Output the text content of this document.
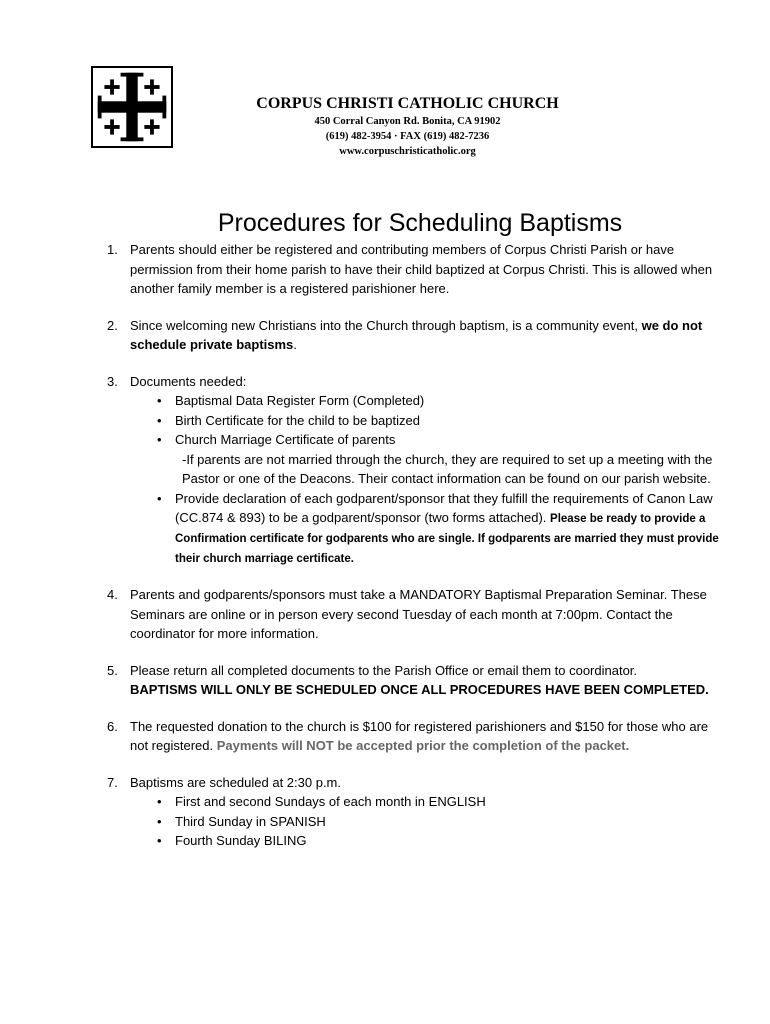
CORPUS CHRISTI CATHOLIC CHURCH
450 Corral Canyon Rd. Bonita, CA 91902
(619) 482-3954 · FAX (619) 482-7236
www.corpuschristicatholic.org
Procedures for Scheduling Baptisms
1. Parents should either be registered and contributing members of Corpus Christi Parish or have permission from their home parish to have their child baptized at Corpus Christi. This is allowed when another family member is a registered parishioner here.
2. Since welcoming new Christians into the Church through baptism, is a community event, we do not schedule private baptisms.
3. Documents needed:
• Baptismal Data Register Form (Completed)
• Birth Certificate for the child to be baptized
• Church Marriage Certificate of parents
-If parents are not married through the church, they are required to set up a meeting with the Pastor or one of the Deacons. Their contact information can be found on our parish website.
• Provide declaration of each godparent/sponsor that they fulfill the requirements of Canon Law (CC.874 & 893) to be a godparent/sponsor (two forms attached). Please be ready to provide a Confirmation certificate for godparents who are single. If godparents are married they must provide their church marriage certificate.
4. Parents and godparents/sponsors must take a MANDATORY Baptismal Preparation Seminar. These Seminars are online or in person every second Tuesday of each month at 7:00pm. Contact the coordinator for more information.
5. Please return all completed documents to the Parish Office or email them to coordinator.
BAPTISMS WILL ONLY BE SCHEDULED ONCE ALL PROCEDURES HAVE BEEN COMPLETED.
6. The requested donation to the church is $100 for registered parishioners and $150 for those who are not registered. Payments will NOT be accepted prior the completion of the packet.
7. Baptisms are scheduled at 2:30 p.m.
• First and second Sundays of each month in ENGLISH
• Third Sunday in SPANISH
• Fourth Sunday BILING
